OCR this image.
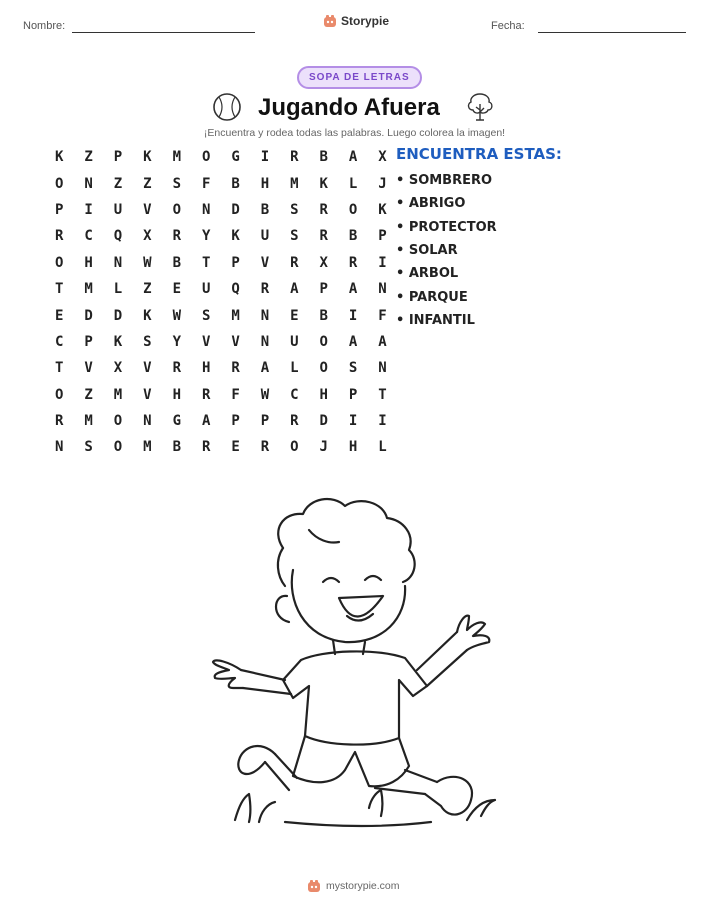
Nombre:	Storypie	Fecha:
SOPA DE LETRAS
Jugando Afuera
¡Encuentra y rodea todas las palabras. Luego colorea la imagen!
K	Z	P	K	M	O	G	I	R	B	A	X
O	N	Z	Z	S	F	B	H	M	K	L	J
P	I	U	V	O	N	D	B	S	R	O	K
R	C	Q	X	R	Y	K	U	S	R	B	P
O	H	N	W	B	T	P	V	R	X	R	I
T	M	L	Z	E	U	Q	R	A	P	A	N
E	D	D	K	W	S	M	N	E	B	I	F
C	P	K	S	Y	V	V	N	U	O	A	A
T	V	X	V	R	H	R	A	L	O	S	N
O	Z	M	V	H	R	F	W	C	H	P	T
R	M	O	N	G	A	P	P	R	D	I	I
N	S	O	M	B	R	E	R	O	J	H	L
ENCUENTRA ESTAS:
• SOMBRERO
• ABRIGO
• PROTECTOR
• SOLAR
• ARBOL
• PARQUE
• INFANTIL
mystorypie.com
